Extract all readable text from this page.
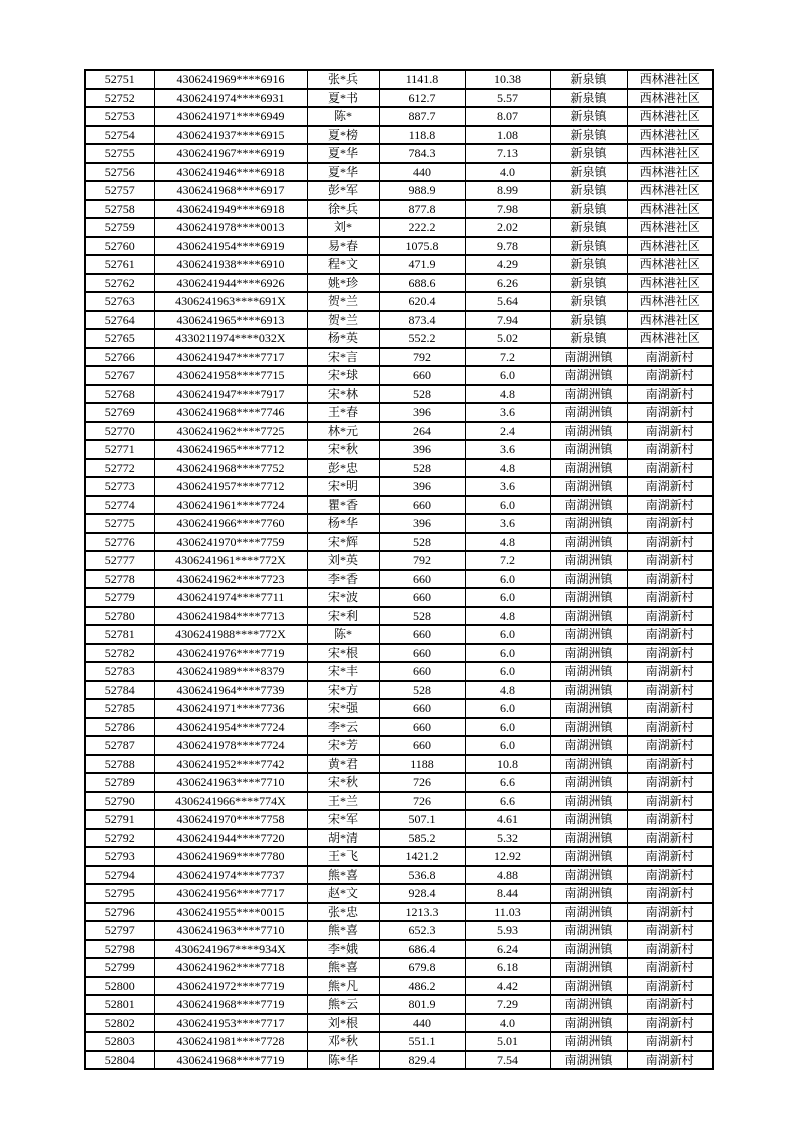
52751	4306241969****6916	张*兵	1141.8	10.38	新泉镇	西林港社区
52752	4306241974****6931	夏*书	612.7	5.57	新泉镇	西林港社区
52753	4306241971****6949	陈*	887.7	8.07	新泉镇	西林港社区
52754	4306241937****6915	夏*榜	118.8	1.08	新泉镇	西林港社区
52755	4306241967****6919	夏*华	784.3	7.13	新泉镇	西林港社区
52756	4306241946****6918	夏*华	440	4.0	新泉镇	西林港社区
52757	4306241968****6917	彭*军	988.9	8.99	新泉镇	西林港社区
52758	4306241949****6918	徐*兵	877.8	7.98	新泉镇	西林港社区
52759	4306241978****0013	刘*	222.2	2.02	新泉镇	西林港社区
52760	4306241954****6919	易*春	1075.8	9.78	新泉镇	西林港社区
52761	4306241938****6910	程*文	471.9	4.29	新泉镇	西林港社区
52762	4306241944****6926	姚*珍	688.6	6.26	新泉镇	西林港社区
52763	4306241963****691X	贺*兰	620.4	5.64	新泉镇	西林港社区
52764	4306241965****6913	贺*兰	873.4	7.94	新泉镇	西林港社区
52765	4330211974****032X	杨*英	552.2	5.02	新泉镇	西林港社区
52766	4306241947****7717	宋*言	792	7.2	南湖洲镇	南湖新村
52767	4306241958****7715	宋*球	660	6.0	南湖洲镇	南湖新村
52768	4306241947****7917	宋*林	528	4.8	南湖洲镇	南湖新村
52769	4306241968****7746	王*春	396	3.6	南湖洲镇	南湖新村
52770	4306241962****7725	林*元	264	2.4	南湖洲镇	南湖新村
52771	4306241965****7712	宋*秋	396	3.6	南湖洲镇	南湖新村
52772	4306241968****7752	彭*忠	528	4.8	南湖洲镇	南湖新村
52773	4306241957****7712	宋*明	396	3.6	南湖洲镇	南湖新村
52774	4306241961****7724	瞿*香	660	6.0	南湖洲镇	南湖新村
52775	4306241966****7760	杨*华	396	3.6	南湖洲镇	南湖新村
52776	4306241970****7759	宋*辉	528	4.8	南湖洲镇	南湖新村
52777	4306241961****772X	刘*英	792	7.2	南湖洲镇	南湖新村
52778	4306241962****7723	李*香	660	6.0	南湖洲镇	南湖新村
52779	4306241974****7711	宋*波	660	6.0	南湖洲镇	南湖新村
52780	4306241984****7713	宋*利	528	4.8	南湖洲镇	南湖新村
52781	4306241988****772X	陈*	660	6.0	南湖洲镇	南湖新村
52782	4306241976****7719	宋*根	660	6.0	南湖洲镇	南湖新村
52783	4306241989****8379	宋*丰	660	6.0	南湖洲镇	南湖新村
52784	4306241964****7739	宋*方	528	4.8	南湖洲镇	南湖新村
52785	4306241971****7736	宋*强	660	6.0	南湖洲镇	南湖新村
52786	4306241954****7724	李*云	660	6.0	南湖洲镇	南湖新村
52787	4306241978****7724	宋*芳	660	6.0	南湖洲镇	南湖新村
52788	4306241952****7742	黄*君	1188	10.8	南湖洲镇	南湖新村
52789	4306241963****7710	宋*秋	726	6.6	南湖洲镇	南湖新村
52790	4306241966****774X	王*兰	726	6.6	南湖洲镇	南湖新村
52791	4306241970****7758	宋*军	507.1	4.61	南湖洲镇	南湖新村
52792	4306241944****7720	胡*清	585.2	5.32	南湖洲镇	南湖新村
52793	4306241969****7780	王*飞	1421.2	12.92	南湖洲镇	南湖新村
52794	4306241974****7737	熊*喜	536.8	4.88	南湖洲镇	南湖新村
52795	4306241956****7717	赵*文	928.4	8.44	南湖洲镇	南湖新村
52796	4306241955****0015	张*忠	1213.3	11.03	南湖洲镇	南湖新村
52797	4306241963****7710	熊*喜	652.3	5.93	南湖洲镇	南湖新村
52798	4306241967****934X	李*娥	686.4	6.24	南湖洲镇	南湖新村
52799	4306241962****7718	熊*喜	679.8	6.18	南湖洲镇	南湖新村
52800	4306241972****7719	熊*凡	486.2	4.42	南湖洲镇	南湖新村
52801	4306241968****7719	熊*云	801.9	7.29	南湖洲镇	南湖新村
52802	4306241953****7717	刘*根	440	4.0	南湖洲镇	南湖新村
52803	4306241981****7728	邓*秋	551.1	5.01	南湖洲镇	南湖新村
52804	4306241968****7719	陈*华	829.4	7.54	南湖洲镇	南湖新村
